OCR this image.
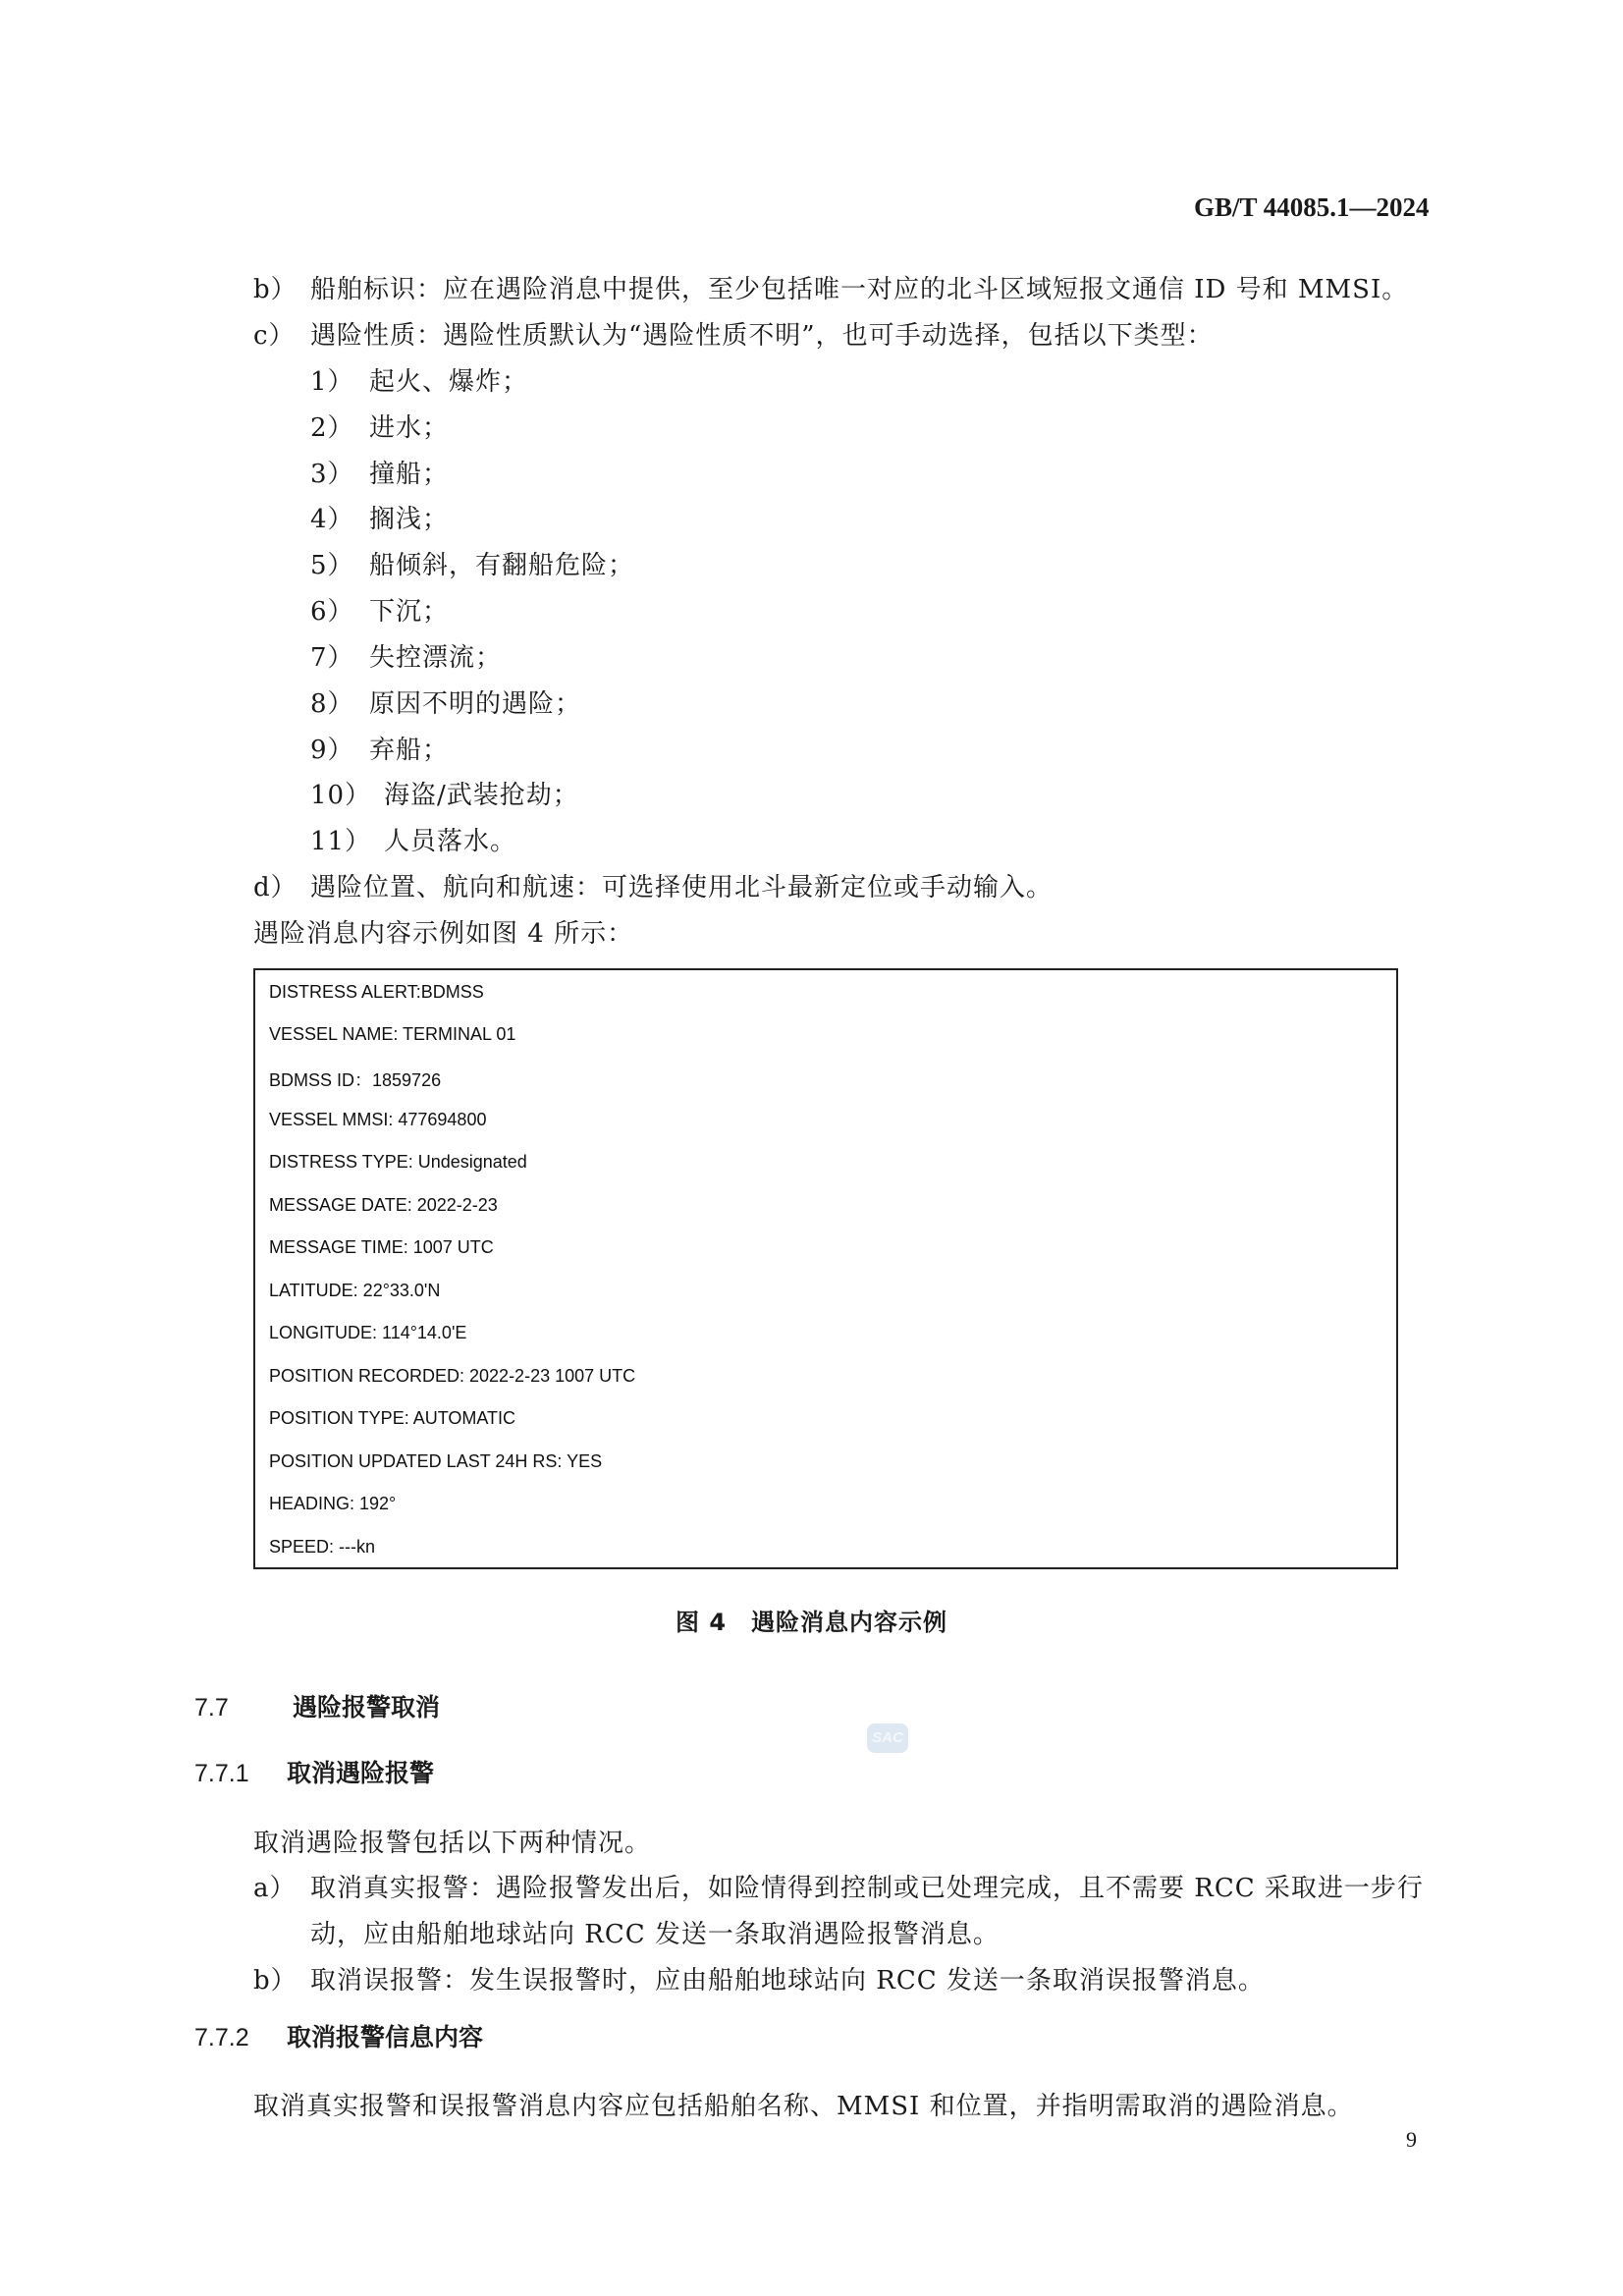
GB/T 44085.1—2024
b） 船舶标识：应在遇险消息中提供，至少包括唯一对应的北斗区域短报文通信 ID 号和 MMSI。
c） 遇险性质：遇险性质默认为“遇险性质不明”，也可手动选择，包括以下类型：
1） 起火、爆炸；
2） 进水；
3） 撞船；
4） 搁浅；
5） 船倾斜，有翻船危险；
6） 下沉；
7） 失控漂流；
8） 原因不明的遇险；
9） 弃船；
10） 海盗/武装抢劫；
11） 人员落水。
d） 遇险位置、航向和航速：可选择使用北斗最新定位或手动输入。
遇险消息内容示例如图 4 所示：
DISTRESS ALERT:BDMSS
VESSEL NAME: TERMINAL 01
BDMSS ID：1859726
VESSEL MMSI: 477694800
DISTRESS TYPE: Undesignated
MESSAGE DATE: 2022-2-23
MESSAGE TIME: 1007 UTC
LATITUDE: 22°33.0'N
LONGITUDE: 114°14.0'E
POSITION RECORDED: 2022-2-23 1007 UTC
POSITION TYPE: AUTOMATIC
POSITION UPDATED LAST 24H RS: YES
HEADING: 192°
SPEED: ---kn
图 4　遇险消息内容示例
7.7	遇险报警取消
SAC
7.7.1 取消遇险报警
取消遇险报警包括以下两种情况。
a） 取消真实报警：遇险报警发出后，如险情得到控制或已处理完成，且不需要 RCC 采取进一步行
动，应由船舶地球站向 RCC 发送一条取消遇险报警消息。
b） 取消误报警：发生误报警时，应由船舶地球站向 RCC 发送一条取消误报警消息。
7.7.2 取消报警信息内容
取消真实报警和误报警消息内容应包括船舶名称、MMSI 和位置，并指明需取消的遇险消息。
9
